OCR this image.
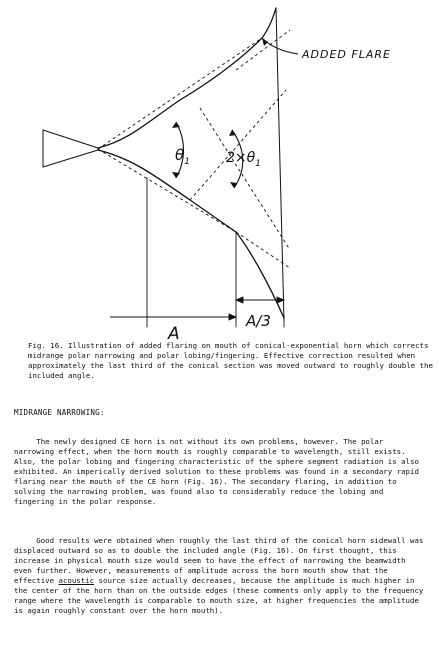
ADDED FLARE
$\theta_1$	$2\times\theta_1$
A
A/3

Fig. 16. Illustration of added flaring on mouth of conical-exponential horn which corrects midrange polar narrowing and polar lobing/fingering. Effective correction resulted when approximately the last third of the conical section was moved outward to roughly double the included angle.

MIDRANGE NARROWING:

The newly designed CE horn is not without its own problems, however. The polar narrowing effect, when the horn mouth is roughly comparable to wavelength, still exists. Also, the polar lobing and fingering characteristic of the sphere segment radiation is also exhibited. An imperically derived solution to these problems was found in a secondary rapid flaring near the mouth of the CE horn (Fig. 16). The secondary flaring, in addition to solving the narrowing problem, was found also to considerably reduce the lobing and fingering in the polar response.

Good results were obtained when roughly the last third of the conical horn sidewall was displaced outward so as to double the included angle (Fig. 16). On first thought, this increase in physical mouth size would seem to have the effect of narrowing the beamwidth even further. However, measurements of amplitude across the horn mouth show that the effective acoustic source size actually decreases, because the amplitude is much higher in the center of the horn than on the outside edges (these comments only apply to the frequency range where the wavelength is comparable to mouth size, at higher frequencies the amplitude is again roughly constant over the horn mouth).
